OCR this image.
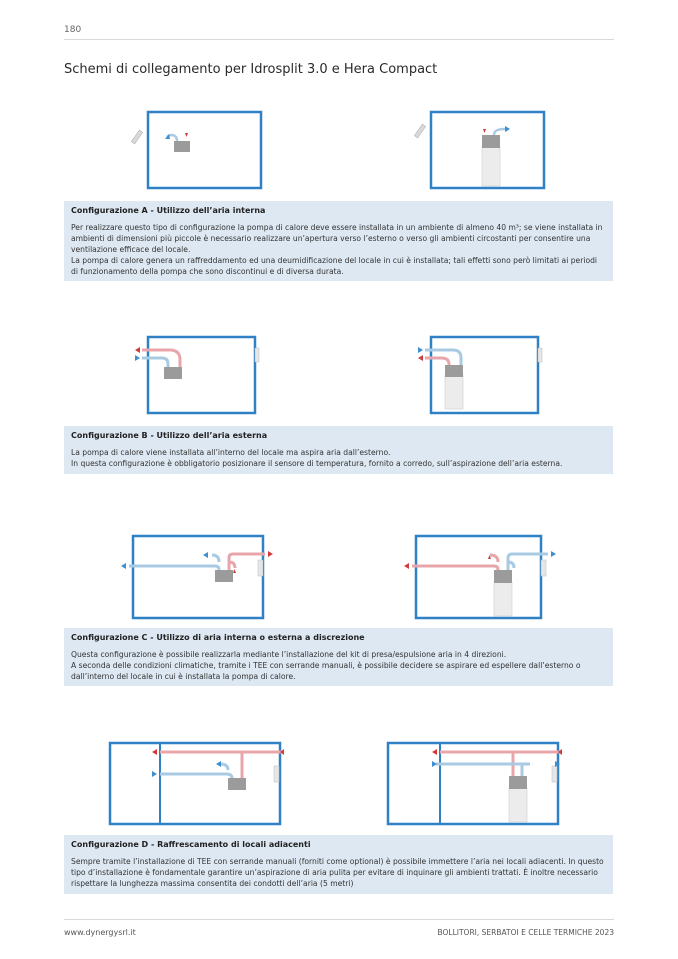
180
Schemi di collegamento per Idrosplit 3.0 e Hera Compact
Configurazione A - Utilizzo dell’aria interna

Per realizzare questo tipo di configurazione la pompa di calore deve essere installata in un ambiente di almeno 40 m³; se viene installata in ambienti di dimensioni più piccole è necessario realizzare un’apertura verso l’esterno o verso gli ambienti circostanti per consentire una ventilazione efficace del locale.

La pompa di calore genera un raffreddamento ed una deumidificazione del locale in cui è installata; tali effetti sono però limitati ai periodi di funzionamento della pompa che sono discontinui e di diversa durata.

Configurazione B - Utilizzo dell’aria esterna

La pompa di calore viene installata all’interno del locale ma aspira aria dall’esterno.

In questa configurazione è obbligatorio posizionare il sensore di temperatura, fornito a corredo, sull’aspirazione dell’aria esterna.

Configurazione C - Utilizzo di aria interna o esterna a discrezione

Questa configurazione è possibile realizzarla mediante l’installazione del kit di presa/espulsione aria in 4 direzioni.

A seconda delle condizioni climatiche, tramite i TEE con serrande manuali, è possibile decidere se aspirare ed espellere dall’esterno o dall’interno del locale in cui è installata la pompa di calore.

Configurazione D - Raffrescamento di locali adiacenti

Sempre tramite l’installazione di TEE con serrande manuali (forniti come optional) è possibile immettere l’aria nei locali adiacenti. In questo tipo d’installazione è fondamentale garantire un’aspirazione di aria pulita per evitare di inquinare gli ambienti trattati. È inoltre necessario rispettare la lunghezza massima consentita dei condotti dell’aria (5 metri)

www.dynergysrl.it	BOLLITORI, SERBATOI E CELLE TERMICHE 2023
